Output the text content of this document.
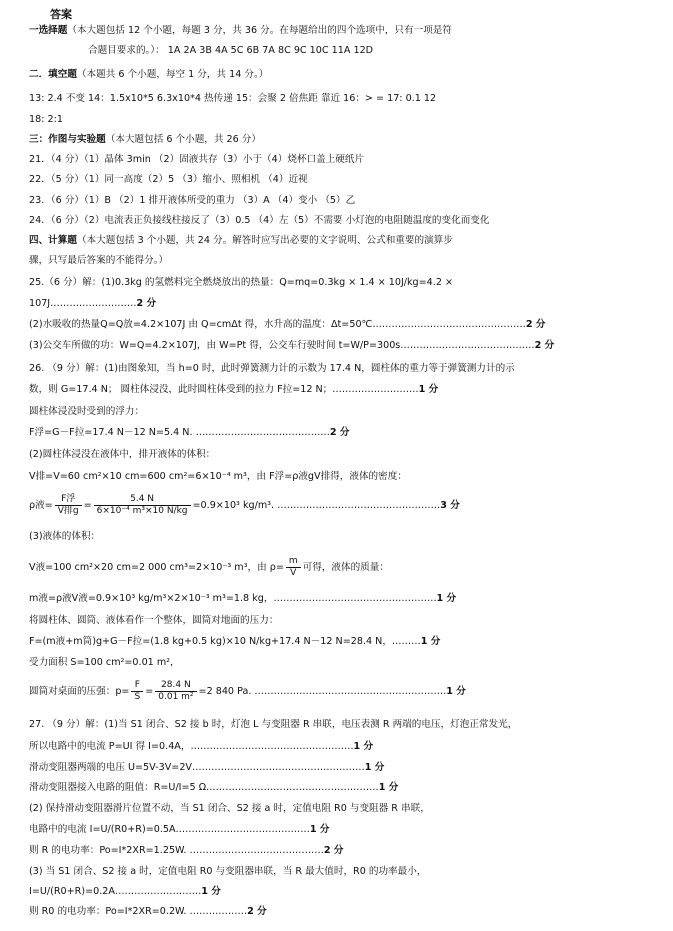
答案
一选择题（本大题包括 12 个小题，每题 3 分，共 36 分。在每题给出的四个选项中，只有一项是符
合题目要求的。）： 1A 2A 3B 4A 5C 6B 7A 8C 9C 10C 11A 12D
二．填空题（本题共 6 个小题，每空 1 分，共 14 分。）
13: 2.4 不变 14：1.5x10*5 6.3x10*4 热传递 15：会聚 2 倍焦距 靠近 16：> = 17: 0.1 12
18: 2:1
三：作图与实验题（本大题包括 6 个小题，共 26 分）
21．（4 分）（1）晶体 3min （2）固液共存（3）小于（4）烧杯口盖上硬纸片
22．（5 分）（1）同一高度（2）5 （3）缩小、照相机 （4）近视
23．（6 分）（1）B （2）1 排开液体所受的重力 （3）A （4）变小 （5）乙
24．（6 分）（2）电流表正负接线柱接反了（3）0.5 （4）左（5）不需要 小灯泡的电阻随温度的变化而变化
四、计算题（本大题包括 3 个小题，共 24 分。解答时应写出必要的文字说明、公式和重要的演算步
骤，只写最后答案的不能得分。）
25.（6 分）解：(1)0.3kg 的氢燃料完全燃烧放出的热量：Q=mq=0.3kg × 1.4 × 10J/kg=4.2 ×
107J………………………2 分
(2)水吸收的热量Q=Q放=4.2×107J 由 Q=cmΔt 得，水升高的温度：Δt=50℃…………………………………………2 分
(3)公交车所做的功：W=Q=4.2×107J，由 W=Pt 得，公交车行驶时间 t=W/P=300s……………………………………2 分
26. （9 分）解：(1)由图象知，当 h=0 时，此时弹簧测力计的示数为 17.4 N，圆柱体的重力等于弹簧测力计的示
数，则 G=17.4 N； 圆柱体浸没，此时圆柱体受到的拉力 F拉=12 N；………………………1 分
圆柱体浸没时受到的浮力：
F浮=G－F拉=17.4 N－12 N=5.4 N. ……………………………………2 分
(2)圆柱体浸没在液体中，排开液体的体积：
V排=V=60 cm²×10 cm=600 cm²=6×10⁻⁴ m³，由 F浮=ρ液gV排得，液体的密度：
ρ液= $\frac{\text{F浮}}{\text{V排g}} = \frac{5.4 N}{\text{6×10⁻⁴ m³×10 N/kg}} =0.9\times 10^3$ kg/m³. ……………………………………………3 分
(3)液体的体积：
V液=100 cm²×20 cm=2 000 cm³=2×10⁻³ m³，由 $\rho= \frac{m}{V}$ 可得，液体的质量：
m液=ρ液V液=0.9×10³ kg/m³×2×10⁻³ m³=1.8 kg，……………………………………………1 分
将圆柱体、圆筒、液体看作一个整体，圆筒对地面的压力：
F=(m液+m筒)g+G－F拉=(1.8 kg+0.5 kg)×10 N/kg+17.4 N－12 N=28.4 N，………1 分
受力面积 S=100 cm²=0.01 m²，
圆筒对桌面的压强：$p= \frac{F}{S} = \frac{28.4 N}{\text{0.01 m²}} =2$ 840 Pa. ……………………………………………………1 分
27. （9 分）解：(1)当 S1 闭合、S2 接 b 时，灯泡 L 与变阻器 R 串联，电压表测 R 两端的电压，灯泡正常发光，
所以电路中的电流 P=UI 得 I=0.4A，……………………………………………1 分
滑动变阻器两端的电压 U=5V-3V=2V………………………………………………1 分
滑动变阻器接入电路的阻值：R=U/I=5 Ω………………………………………………1 分
(2) 保持滑动变阻器滑片位置不动，当 S1 闭合、S2 接 a 时，定值电阻 R0 与变阻器 R 串联，
电路中的电流 I=U/(R0+R)=0.5A……………………………………1 分
则 R 的电功率：Po=I*2XR=1.25W. ……………………………………2 分
(3) 当 S1 闭合、S2 接 a 时，定值电阻 R0 与变阻器串联，当 R 最大值时，R0 的功率最小，
I=U/(R0+R)=0.2A………………………1 分
则 R0 的电功率：Po=I*2XR=0.2W. ………………2 分
